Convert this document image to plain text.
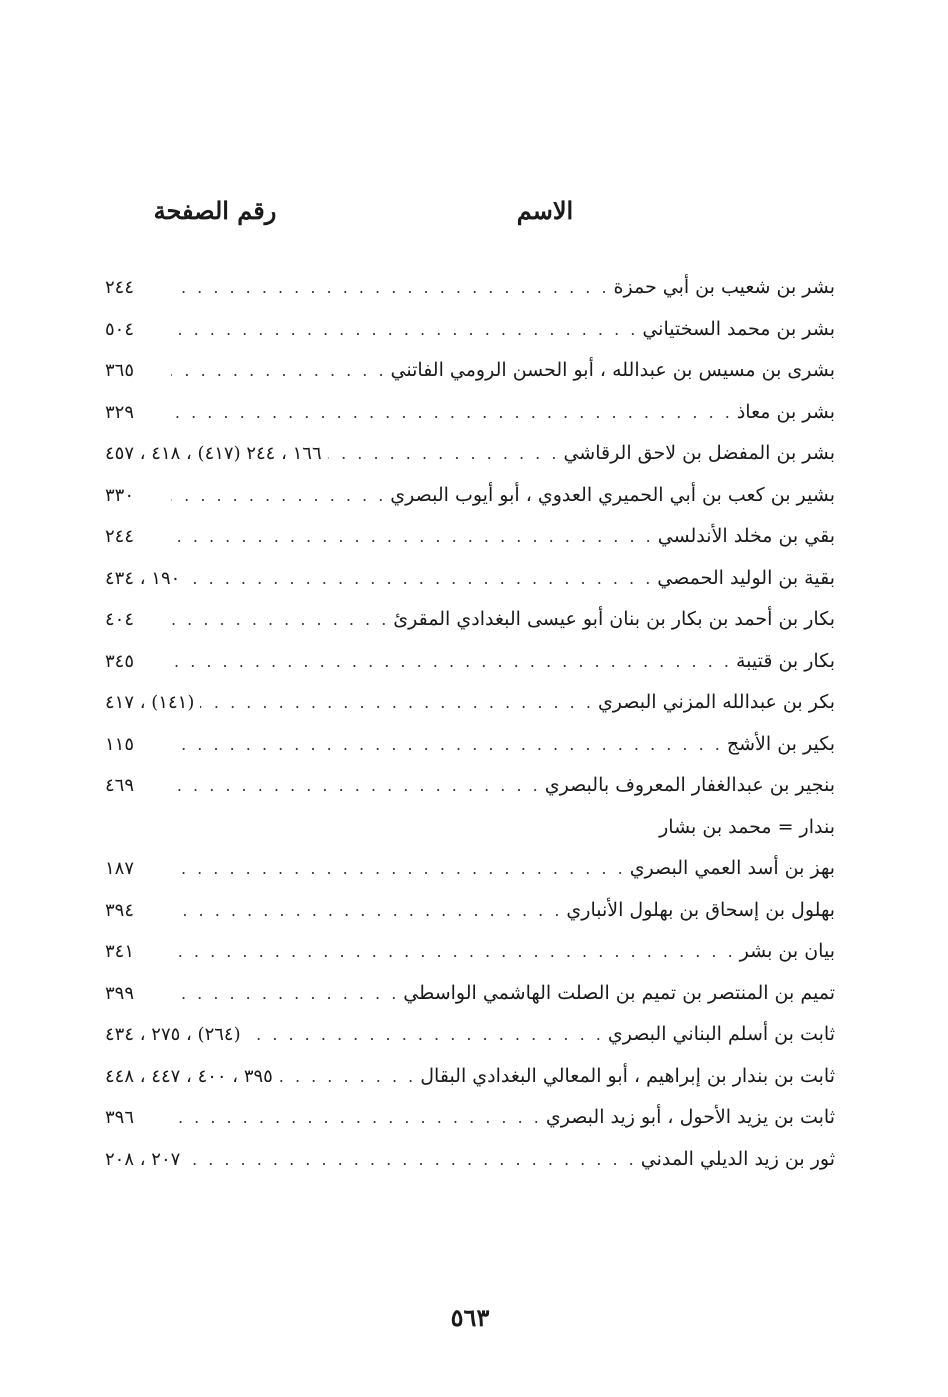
الاسم
رقم الصفحة
بشر بن شعيب بن أبي حمزة
. . .
٢٤٤
بشر بن محمد السختياني
. . .
٥٠٤
بشرى بن مسيس بن عبدالله ، أبو الحسن الرومي الفاتني
. . .
٣٦٥
بشر بن معاذ
. . .
٣٢٩
بشر بن المفضل بن لاحق الرقاشي
. . .
١٦٦ ، ٢٤٤ (٤١٧) ، ٤١٨ ، ٤٥٧
بشير بن كعب بن أبي الحميري العدوي ، أبو أيوب البصري
. . .
٣٣٠
بقي بن مخلد الأندلسي
. . .
٢٤٤
بقية بن الوليد الحمصي
. . .
١٩٠ ، ٤٣٤
بكار بن أحمد بن بكار بن بنان أبو عيسى البغدادي المقرئ
. . .
٤٠٤
بكار بن قتيبة
. . .
٣٤٥
بكر بن عبدالله المزني البصري
. . .
(١٤١) ، ٤١٧
بكير بن الأشج
. . .
١١٥
بنجير بن عبدالغفار المعروف بالبصري
. . .
٤٦٩
بندار = محمد بن بشار
بهز بن أسد العمي البصري
. . .
١٨٧
بهلول بن إسحاق بن بهلول الأنباري
. . .
٣٩٤
بيان بن بشر
. . .
٣٤١
تميم بن المنتصر بن تميم بن الصلت الهاشمي الواسطي
. . .
٣٩٩
ثابت بن أسلم البناني البصري
. . .
(٢٦٤) ، ٢٧٥ ، ٤٣٤
ثابت بن بندار بن إبراهيم ، أبو المعالي البغدادي البقال
. . .
٣٩٥ ، ٤٠٠ ، ٤٤٧ ، ٤٤٨
ثابت بن يزيد الأحول ، أبو زيد البصري
. . .
٣٩٦
ثور بن زيد الديلي المدني
. . .
٢٠٧ ، ٢٠٨
٥٦٣
